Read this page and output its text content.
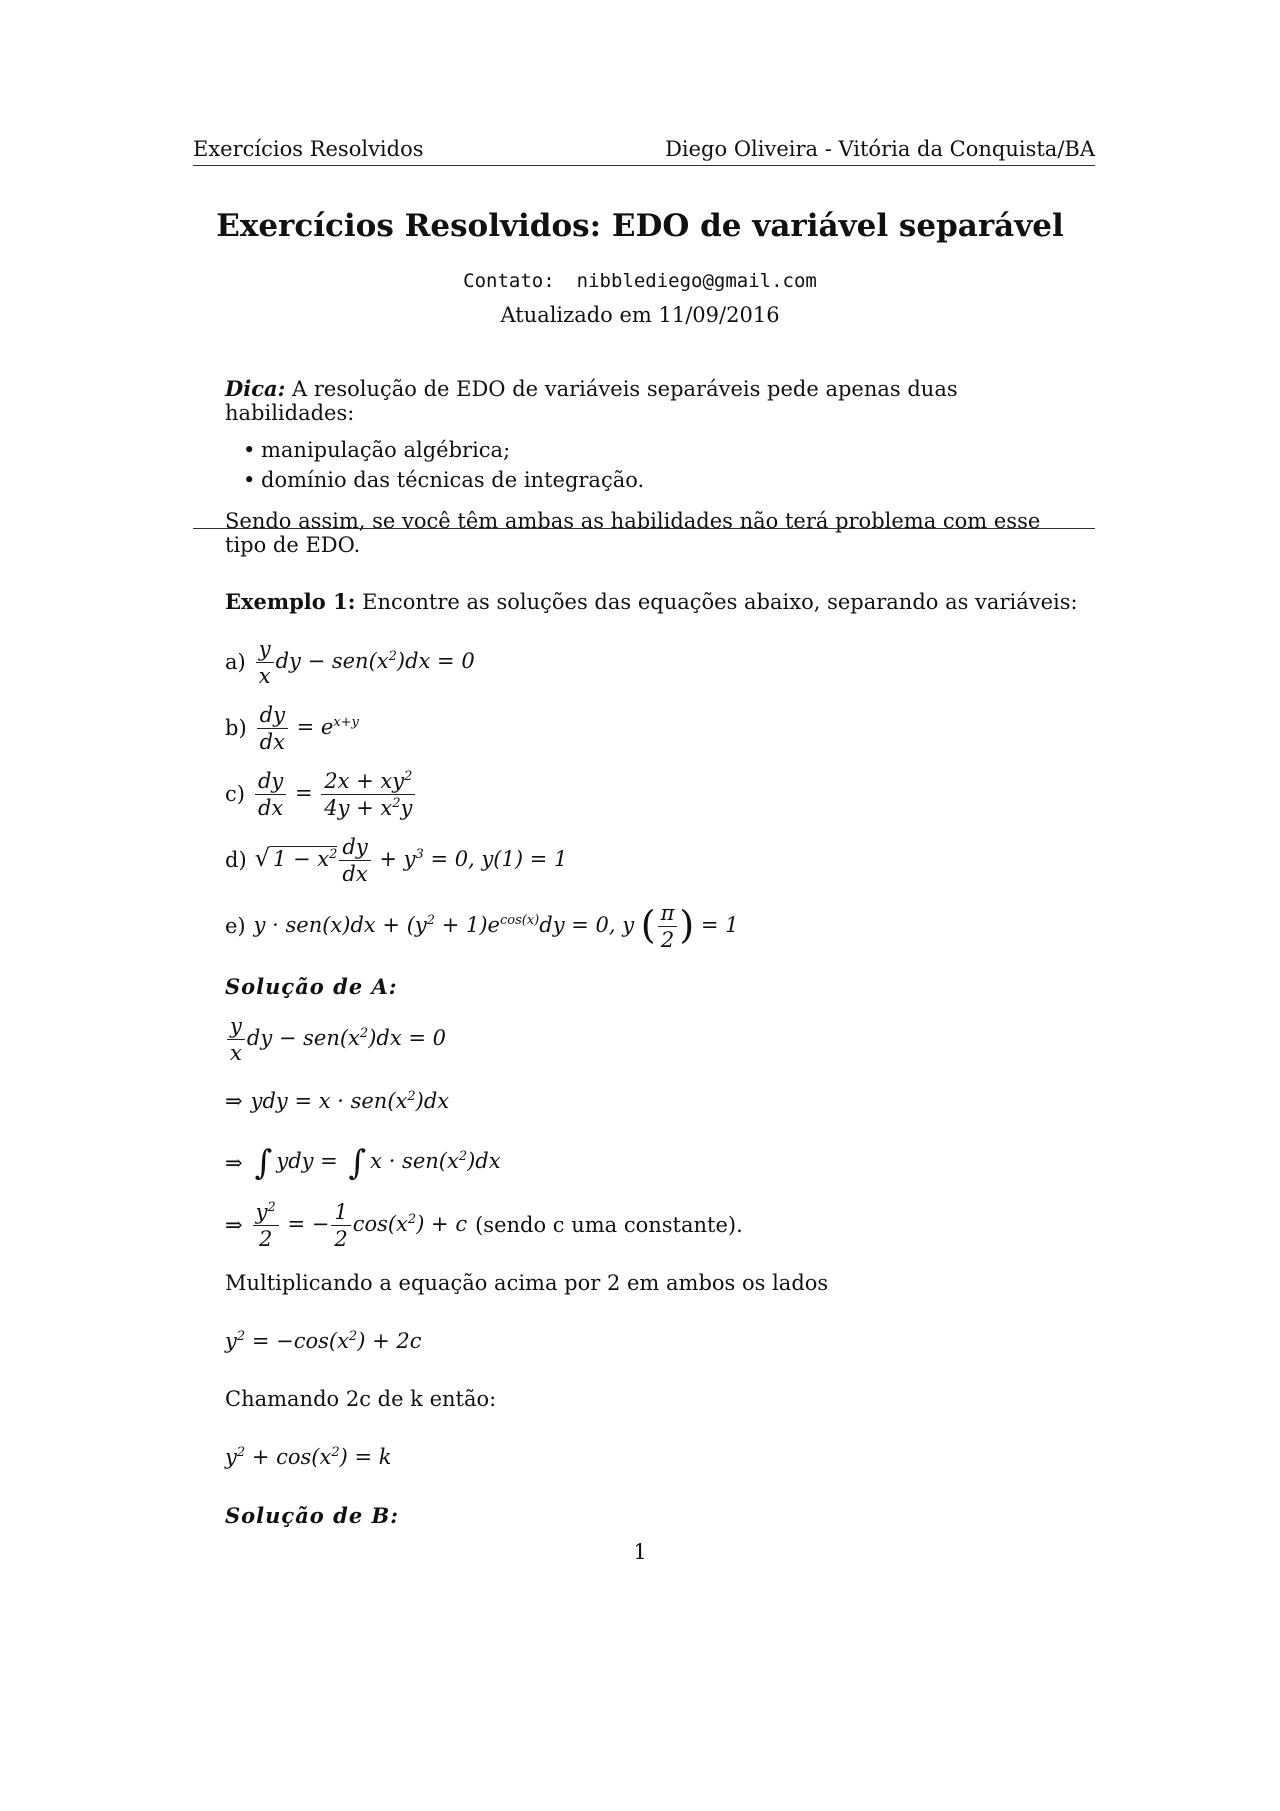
Exercícios Resolvidos	Diego Oliveira - Vitória da Conquista/BA
Exercícios Resolvidos: EDO de variável separável
Contato: nibblediego@gmail.com
Atualizado em 11/09/2016
Dica: A resolução de EDO de variáveis separáveis pede apenas duas habilidades:
• manipulação algébrica;
• domínio das técnicas de integração.
Sendo assim, se você têm ambas as habilidades não terá problema com esse tipo de EDO.
Exemplo 1: Encontre as soluções das equações abaixo, separando as variáveis:
$a) \frac{y}{x}$ dy − $sen(x^2)dx = 0$
$b) \frac{dy}{dx} = e^{x+y}$
$c) \frac{dy}{dx} = \frac{2x + xy^2}{4y + x^2y}$
d) √ $1 - x^2 \frac{dy}{dx} + y^3 = 0$, y(1) = 1
e) $y \cdot sen(x)dx + (y^2 + 1)e^{cos(x)}dy = 0$, y ( $\frac{\pi}{2}$ ) = 1
Solução de A:
$\frac{y}{x}$ dy − $sen(x^2)dx = 0$
⇒ ydy = $x \cdot sen(x^2)dx$
⇒ ∫ ydy = ∫ $x \cdot sen(x^2)dx$
⇒ $\frac{y^2}{2}$ = − $\frac{1}{2} \cos(x^2) + c$ (sendo c uma constante).
Multiplicando a equação acima por 2 em ambos os lados
$y^2 = -\cos(x^2) + 2c$
Chamando 2c de k então:
$y^2 + \cos(x^2) = k$
Solução de B:
1
